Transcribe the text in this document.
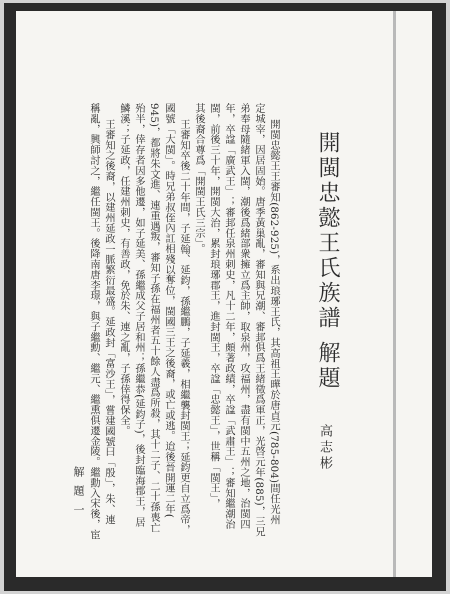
開閩忠懿王氏族譜 解題
高志彬
開閩忠懿王王審知(862-925)，系出琅琊王氏，其高祖王曄於唐貞元(785-804)間任光州
定城宰，因居固始。唐季黃巢亂，審知與兄潮、審邽俱爲王緒徵爲軍正，光啓元年(885)，三兄
弟奉母隨緒軍入閩，潮後爲緒部衆擁立爲主帥，取泉州，攻福州，盡有閩中五州之地，治閩四
年，卒諡「廣武王」；審邽任泉州刺史，凡十二年，頗著政績，卒諡「武肅王」；審知繼潮治
閩，前後三十年，開閩大治，累封琅琊郡王，進封閩王，卒諡「忠懿王」，世稱「閩王」，
其後裔合尊爲「開閩王氏三宗」。
王審知卒後二十年間，子延翰、延鈞，孫繼鵬，子延羲，相繼襲封閩王；延鈞更自立爲帝，
國號「大閩」。時兄弟叔侄內訌相殘以奪位，閩國三王之後裔，或亡或逃。迨後晉開運二年(
945)，都將朱文進、連重遇叛，審知子孫在福州者五十餘人盡爲所殺，其十二子、二十孫喪亡
殆半，倖存者因多他遷，如子延美、孫繼成父子居和州；孫繼恭(延鈞子)，後封臨海郡王，居
鱗溪；子延政，任建州刺史，有善政，免於朱、連之亂，子孫倖得保全。
王審知之後裔，以建州延政一脈繁衍最盛。延政封「富沙王」，嘗建國號曰「殷」，朱、連
稱亂，興師討之，繼任閩王。後降南唐李璟，與子繼勳、繼元、繼熏俱遷金陵。繼勳入宋後，宦
解題一
